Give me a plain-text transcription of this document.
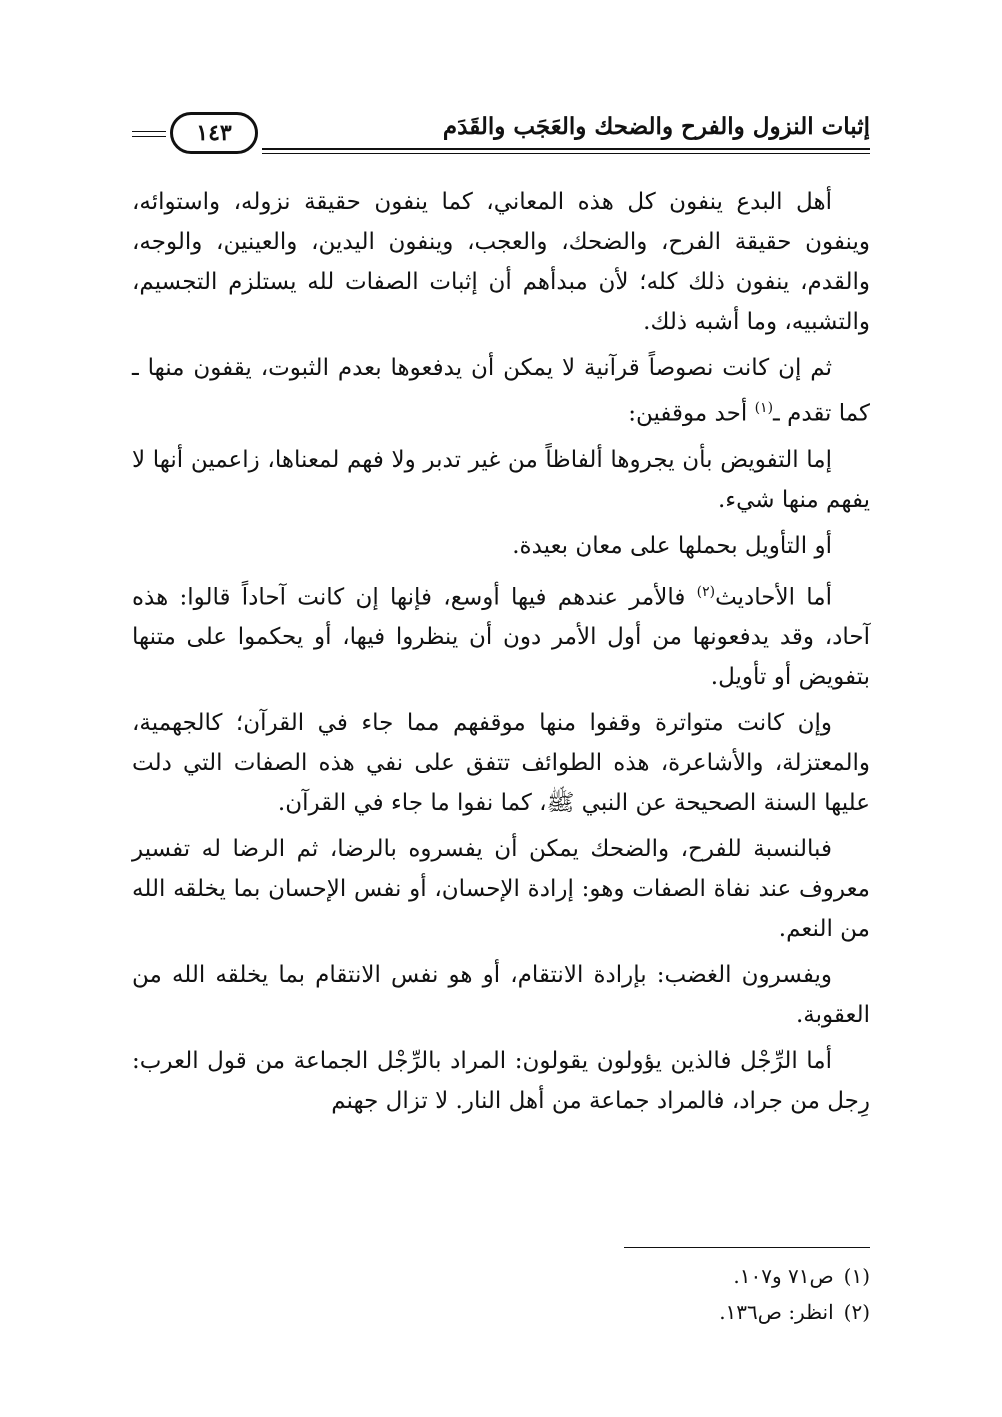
إثبات النزول والفرح والضحك والعَجَب والقَدَم
١٤٣

أهل البدع ينفون كل هذه المعاني، كما ينفون حقيقة نزوله، واستوائه، وينفون حقيقة الفرح، والضحك، والعجب، وينفون اليدين، والعينين، والوجه، والقدم، ينفون ذلك كله؛ لأن مبدأهم أن إثبات الصفات لله يستلزم التجسيم، والتشبيه، وما أشبه ذلك.

ثم إن كانت نصوصاً قرآنية لا يمكن أن يدفعوها بعدم الثبوت، يقفون منها ـ كما تقدم ـ$^{(١)}$ أحد موقفين:

إما التفويض بأن يجروها ألفاظاً من غير تدبر ولا فهم لمعناها، زاعمين أنها لا يفهم منها شيء.

أو التأويل بحملها على معان بعيدة.

أما الأحاديث$^{(٢)}$ فالأمر عندهم فيها أوسع، فإنها إن كانت آحاداً قالوا: هذه آحاد، وقد يدفعونها من أول الأمر دون أن ينظروا فيها، أو يحكموا على متنها بتفويض أو تأويل.

وإن كانت متواترة وقفوا منها موقفهم مما جاء في القرآن؛ كالجهمية، والمعتزلة، والأشاعرة، هذه الطوائف تتفق على نفي هذه الصفات التي دلت عليها السنة الصحيحة عن النبي ﷺ، كما نفوا ما جاء في القرآن.

فبالنسبة للفرح، والضحك يمكن أن يفسروه بالرضا، ثم الرضا له تفسير معروف عند نفاة الصفات وهو: إرادة الإحسان، أو نفس الإحسان بما يخلقه الله من النعم.

ويفسرون الغضب: بإرادة الانتقام، أو هو نفس الانتقام بما يخلقه الله من العقوبة.

أما الرِّجْل فالذين يؤولون يقولون: المراد بالرِّجْل الجماعة من قول العرب: رِجل من جراد، فالمراد جماعة من أهل النار. لا تزال جهنم

(١)
ص٧١ و١٠٧.
(٢)
انظر: ص١٣٦.
